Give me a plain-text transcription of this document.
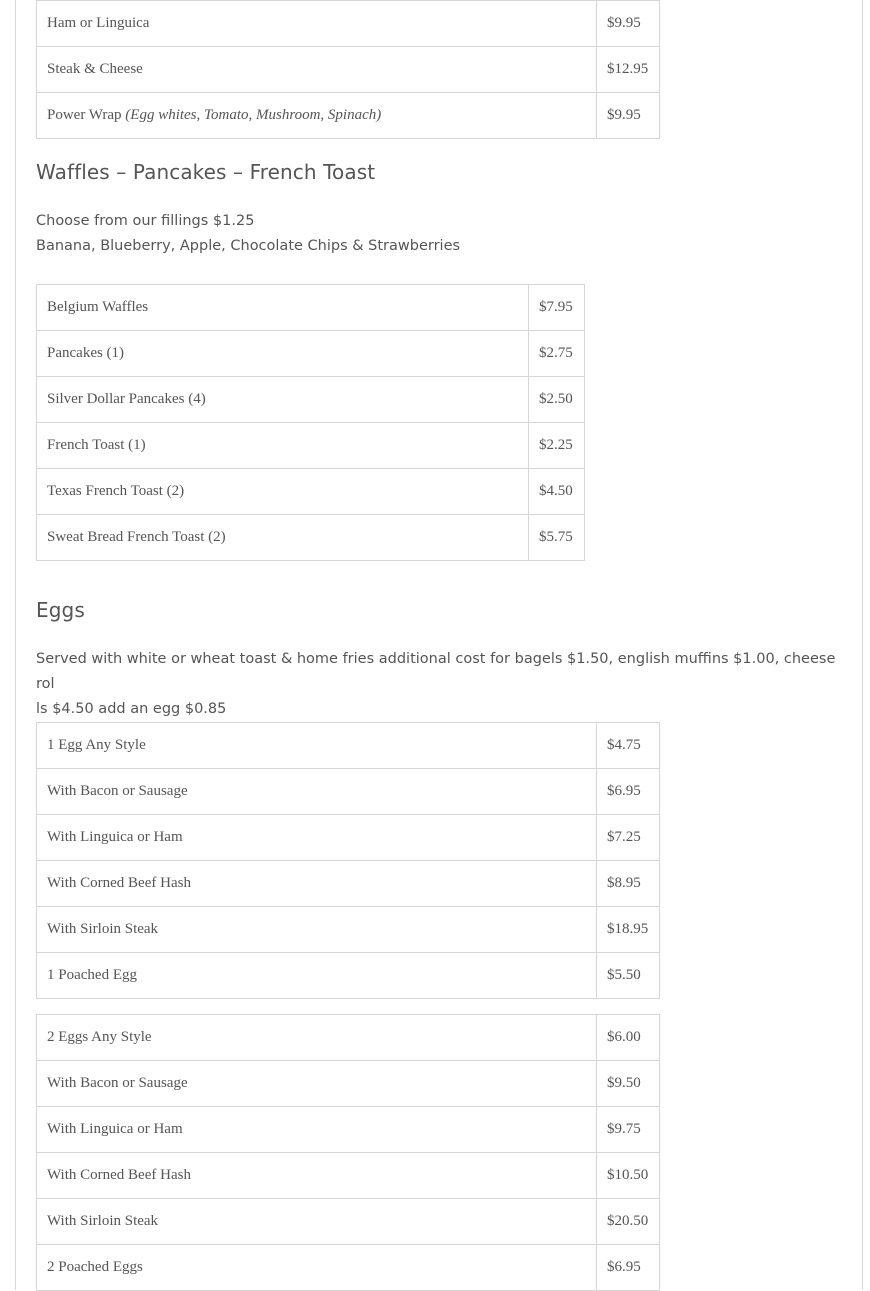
Ham or Linguica	$9.95
Steak & Cheese	$12.95
Power Wrap (Egg whites, Tomato, Mushroom, Spinach)	$9.95
Waffles – Pancakes – French Toast

Choose from our fillings $1.25
Banana, Blueberry, Apple, Chocolate Chips & Strawberries

Belgium Waffles	$7.95
Pancakes (1)	$2.75
Silver Dollar Pancakes (4)	$2.50
French Toast (1)	$2.25
Texas French Toast (2)	$4.50
Sweat Bread French Toast (2)	$5.75
Eggs

Served with white or wheat toast & home fries additional cost for bagels $1.50, english muffins $1.00, cheese rol
ls $4.50 add an egg $0.85

1 Egg Any Style	$4.75
With Bacon or Sausage	$6.95
With Linguica or Ham	$7.25
With Corned Beef Hash	$8.95
With Sirloin Steak	$18.95
1 Poached Egg	$5.50
2 Eggs Any Style	$6.00
With Bacon or Sausage	$9.50
With Linguica or Ham	$9.75
With Corned Beef Hash	$10.50
With Sirloin Steak	$20.50
2 Poached Eggs	$6.95
